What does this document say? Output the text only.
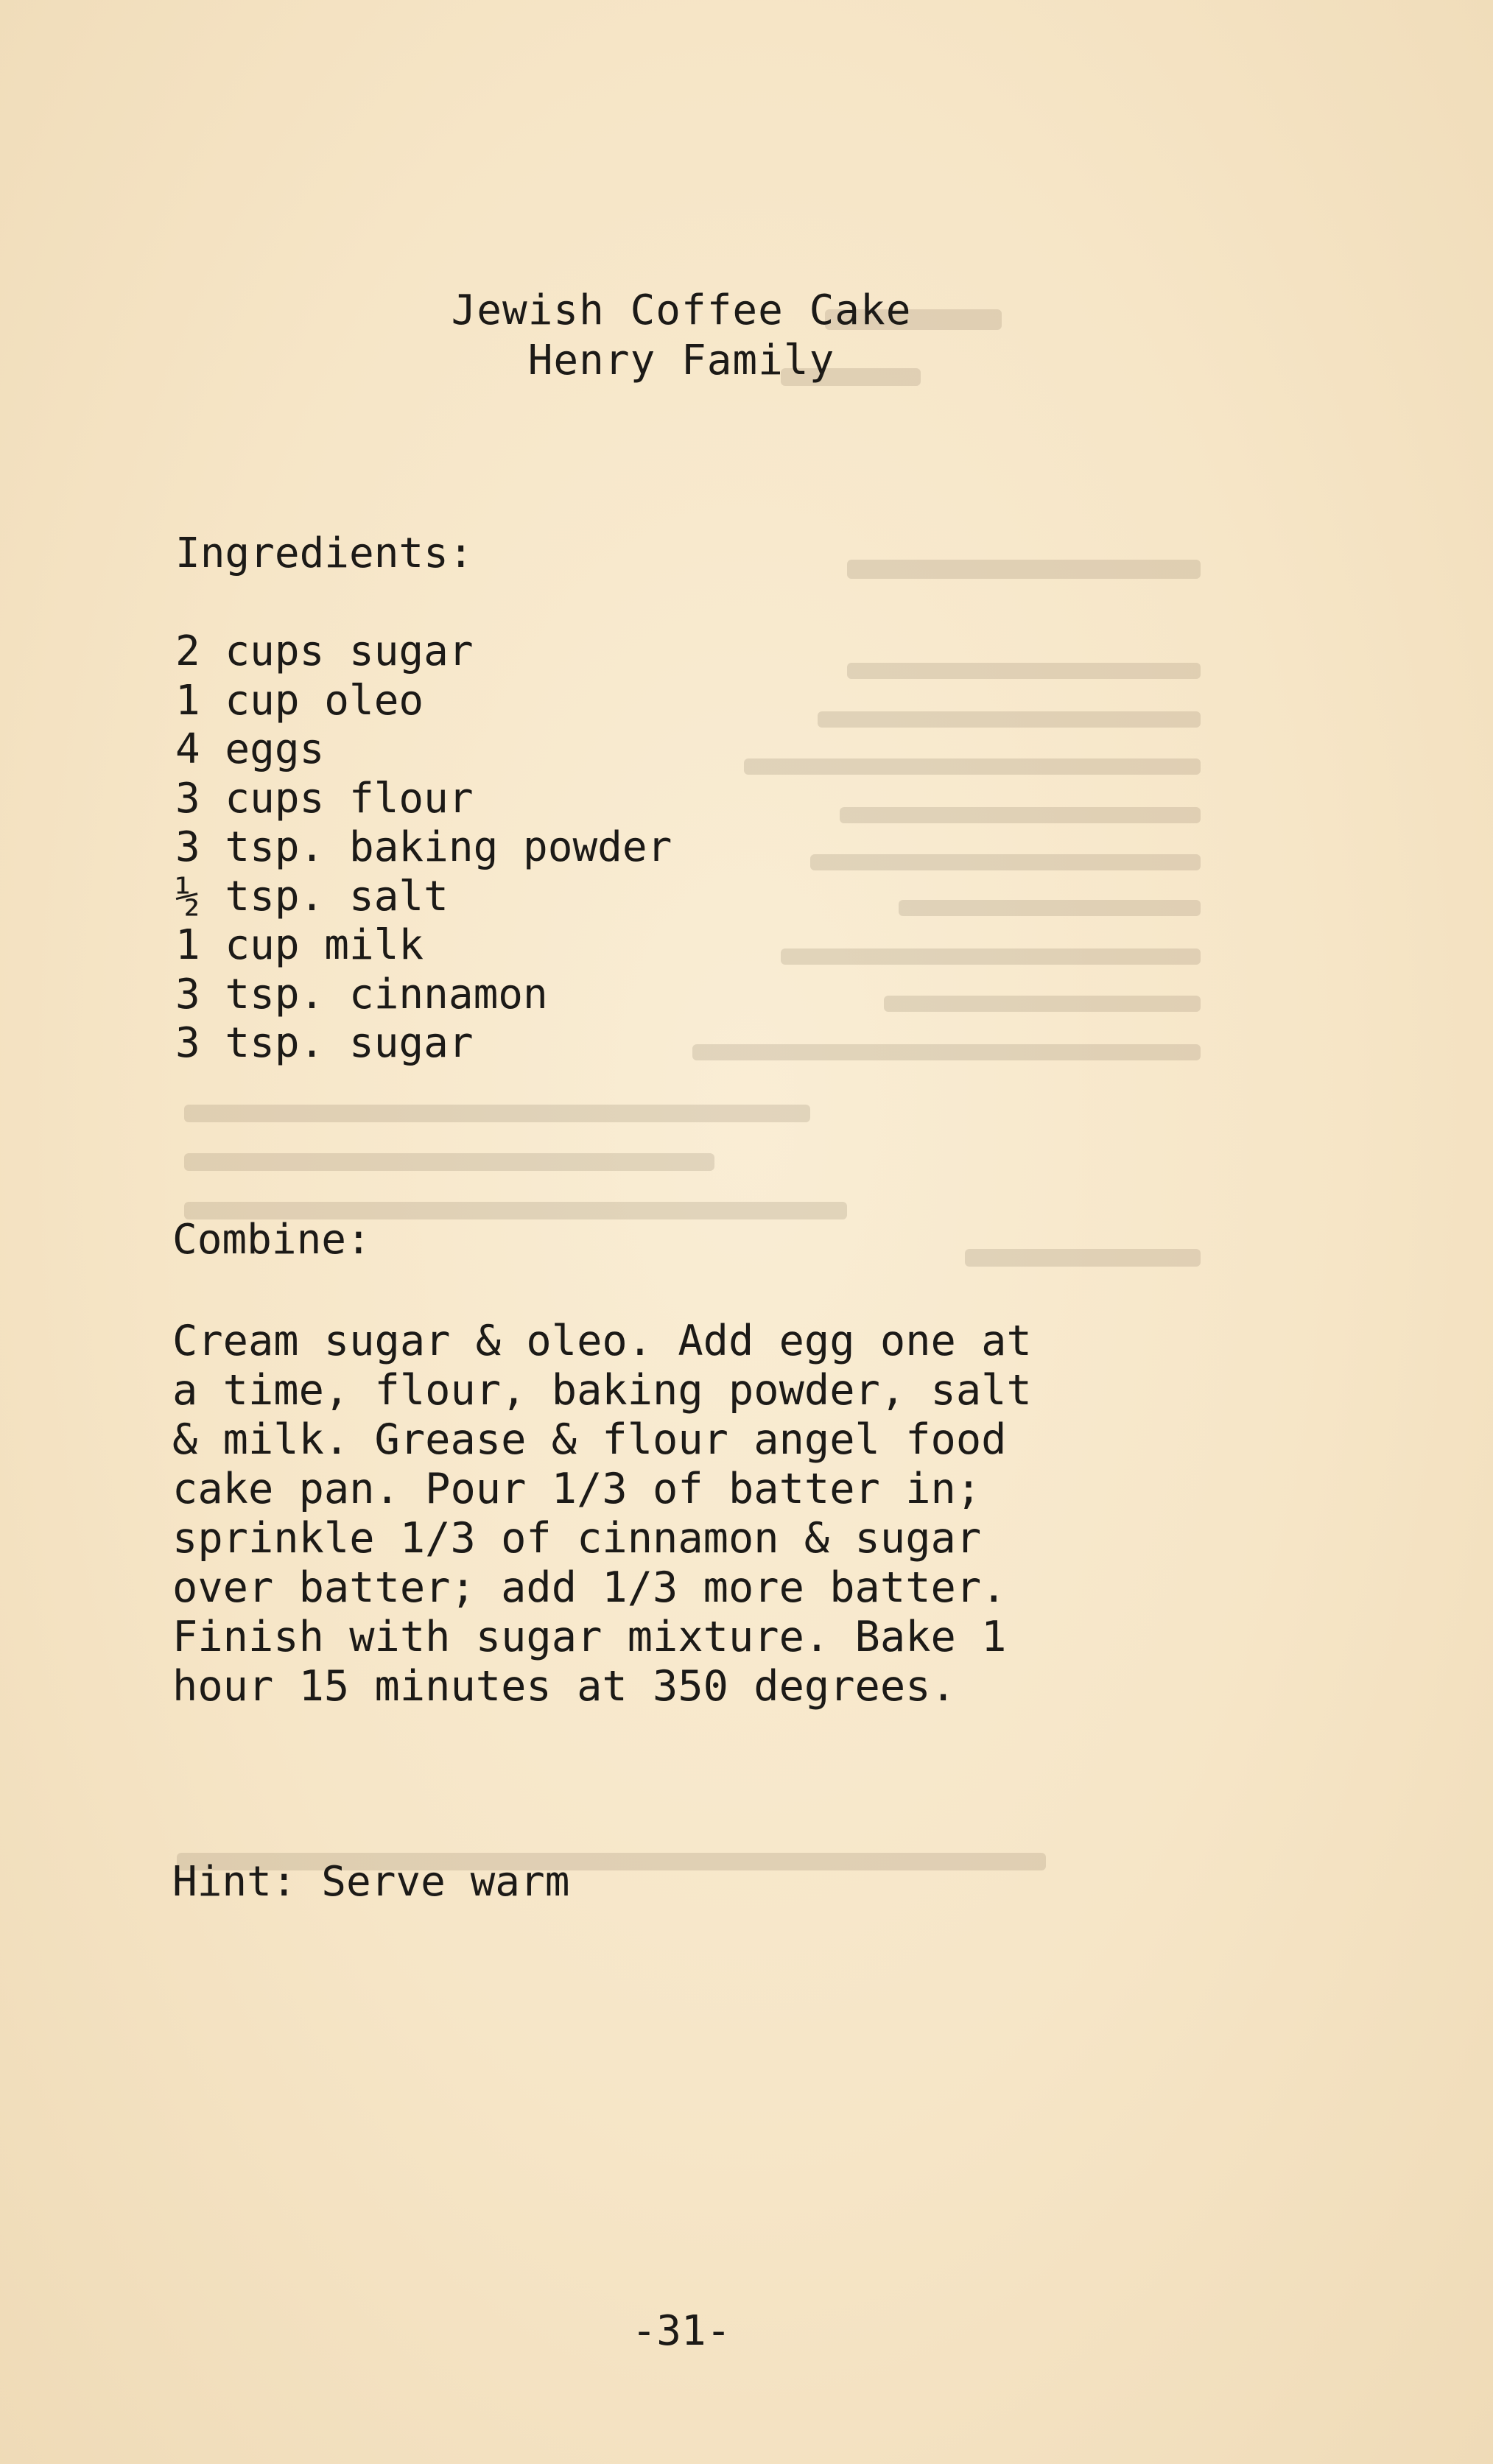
Jewish Coffee Cake
Henry Family
Ingredients:
2 cups sugar
1 cup oleo
4 eggs
3 cups flour
3 tsp. baking powder
½ tsp. salt
1 cup milk
3 tsp. cinnamon
3 tsp. sugar
Combine:
Cream sugar & oleo. Add egg one at
a time, flour, baking powder, salt
& milk. Grease & flour angel food
cake pan. Pour 1/3 of batter in;
sprinkle 1/3 of cinnamon & sugar
over batter; add 1/3 more batter.
Finish with sugar mixture. Bake 1
hour 15 minutes at 350 degrees.
Hint: Serve warm
-31-
